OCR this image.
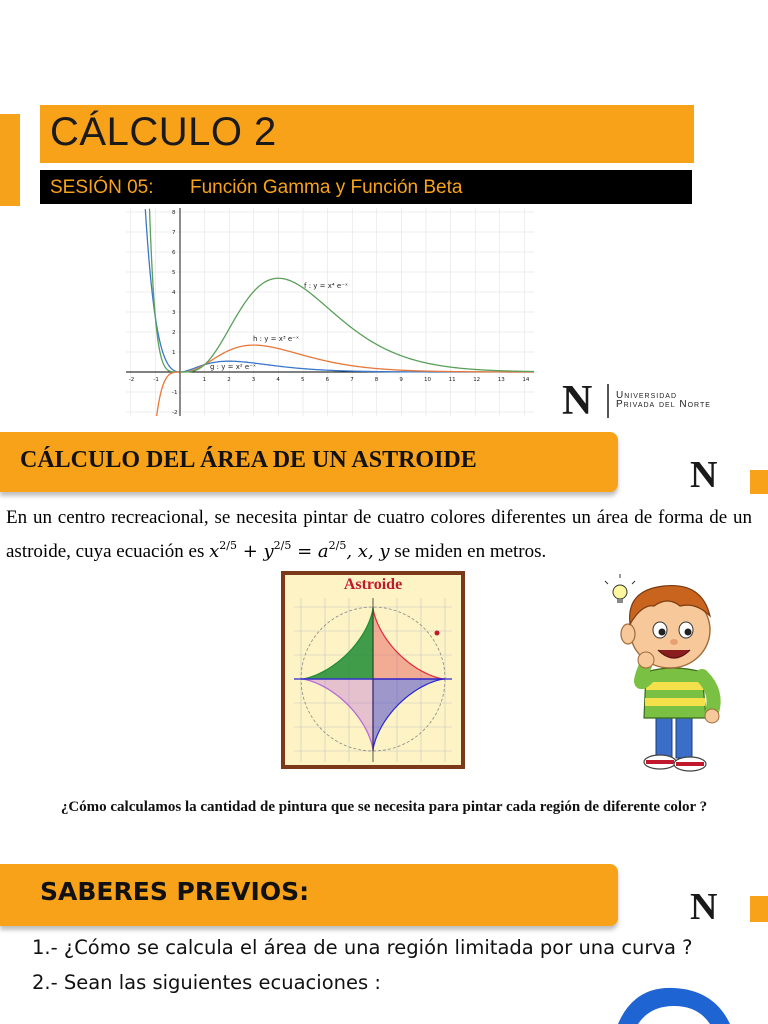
CÁLCULO 2
SESIÓN 05: Función Gamma y Función Beta
-2	-1	1	2	3	4	5	6	7	8	9	10	11	12	13	14
8
7
6
5
4
3
2
1
-1
-2
f : y = x⁴ e⁻ˣ
h : y = x³ e⁻ˣ
g : y = x² e⁻ˣ
N Universidad
Privada del Norte
CÁLCULO DEL ÁREA DE UN ASTROIDE	N
En un centro recreacional, se necesita pintar de cuatro colores diferentes un área de forma de un astroide, cuya ecuación es $x^{2/5} + y^{2/5} = a^{2/5}$, x, y se miden en metros.
Astroide
¿Cómo calculamos la cantidad de pintura que se necesita para pintar cada región de diferente color ?
SABERES PREVIOS:	N
1.- ¿Cómo se calcula el área de una región limitada por una curva ?
2.- Sean las siguientes ecuaciones :
